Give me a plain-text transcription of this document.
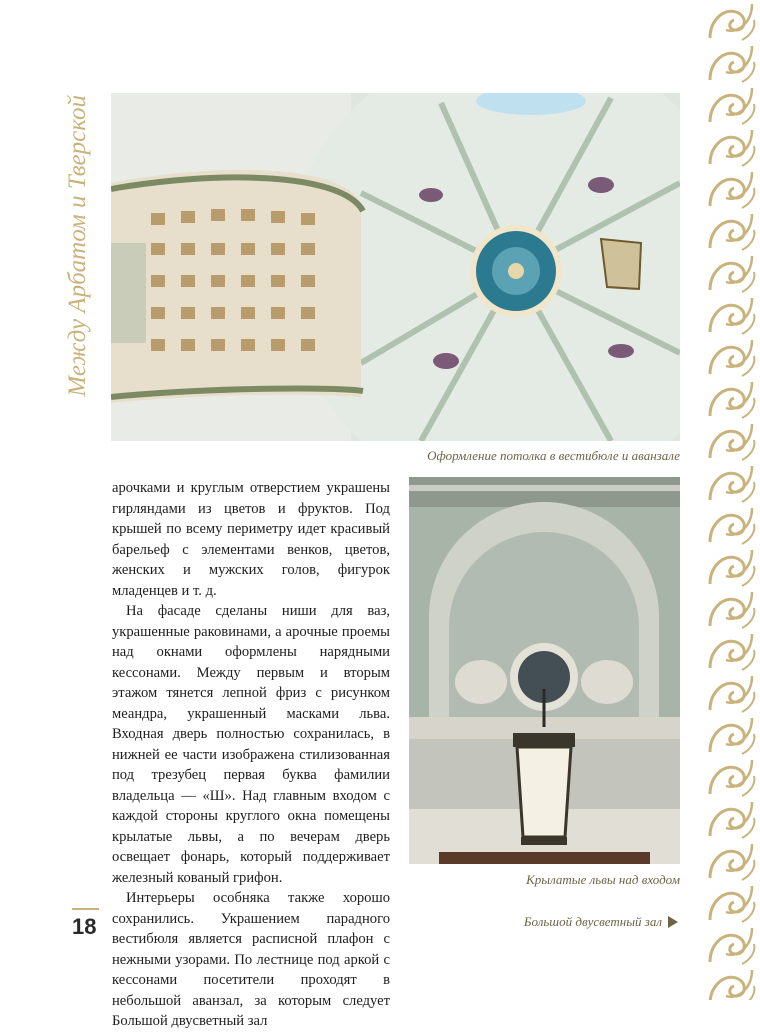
Между Арбатом и Тверской
Оформление потолка в вестибюле и аванзале
Крылатые львы над входом

арочками и круглым отверстием украшены гирляндами из цветов и фруктов. Под крышей по всему периметру идет красивый барельеф с элементами венков, цветов, женских и мужских голов, фигурок младенцев и т. д.

На фасаде сделаны ниши для ваз, украшенные раковинами, а арочные проемы над окнами оформлены нарядными кессонами. Между первым и вторым этажом тянется лепной фриз с рисунком меандра, украшенный масками льва. Входная дверь полностью сохранилась, в нижней ее части изображена стилизованная под трезубец первая буква фамилии владельца — «Ш». Над главным входом с каждой стороны круглого окна помещены крылатые львы, а по вечерам дверь освещает фонарь, который поддерживает железный кованый грифон.

Интерьеры особняка также хорошо сохранились. Украшением парадного вестибюля является расписной плафон с нежными узорами. По лестнице под аркой с кессонами посетители проходят в небольшой аванзал, за которым следует Большой двусветный зал

18	Большой двусветный зал
